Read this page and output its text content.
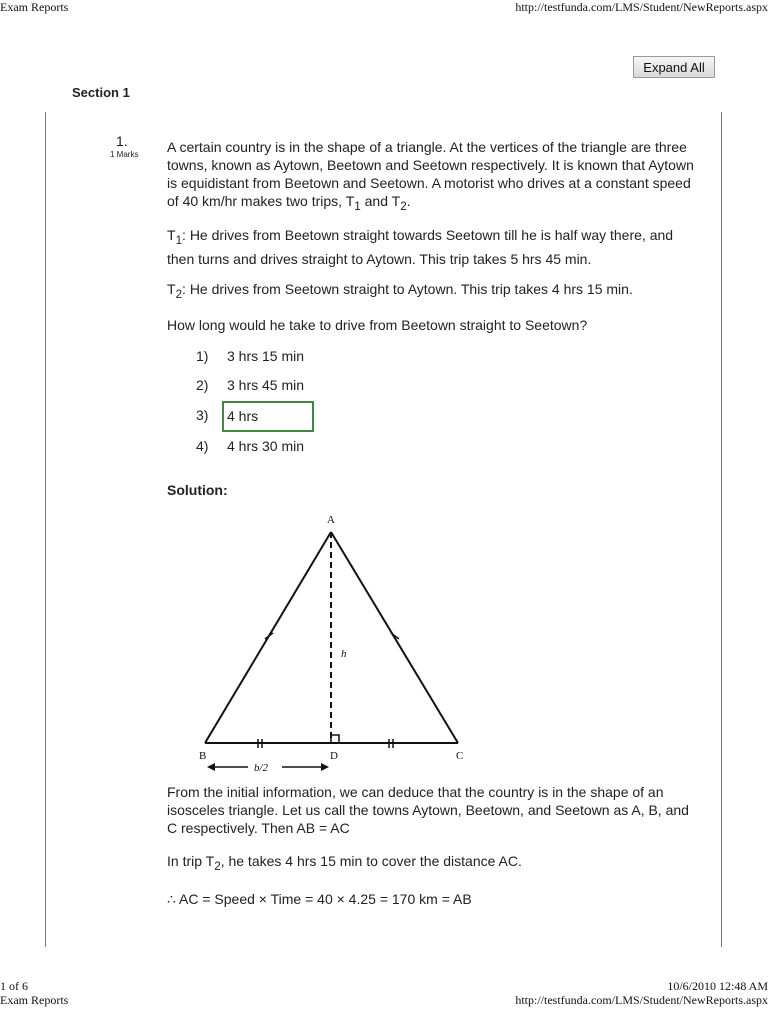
Exam Reports	http://testfunda.com/LMS/Student/NewReports.aspx
Expand All
Section 1
1.
1 Marks A certain country is in the shape of a triangle. At the vertices of the triangle are three towns, known as Aytown, Beetown and Seetown respectively. It is known that Aytown is equidistant from Beetown and Seetown. A motorist who drives at a constant speed of 40 km/hr makes two trips, $T_1$ and $T_2$.
$T_1$: He drives from Beetown straight towards Seetown till he is half way there, and then turns and drives straight to Aytown. This trip takes 5 hrs 45 min.
$T_2$: He drives from Seetown straight to Aytown. This trip takes 4 hrs 15 min.
How long would he take to drive from Beetown straight to Seetown?
1) 3 hrs 15 min
2) 3 hrs 45 min
3) 4 hrs
4) 4 hrs 30 min
Solution:
A
B	C
D
h
b/2
From the initial information, we can deduce that the country is in the shape of an isosceles triangle. Let us call the towns Aytown, Beetown, and Seetown as A, B, and C respectively. Then AB = AC
In trip $T_2$, he takes 4 hrs 15 min to cover the distance AC.
∴ AC = Speed × Time = 40 × 4.25 = 170 km = AB
1 of 6	10/6/2010 12:48 AM
Exam Reports	http://testfunda.com/LMS/Student/NewReports.aspx
